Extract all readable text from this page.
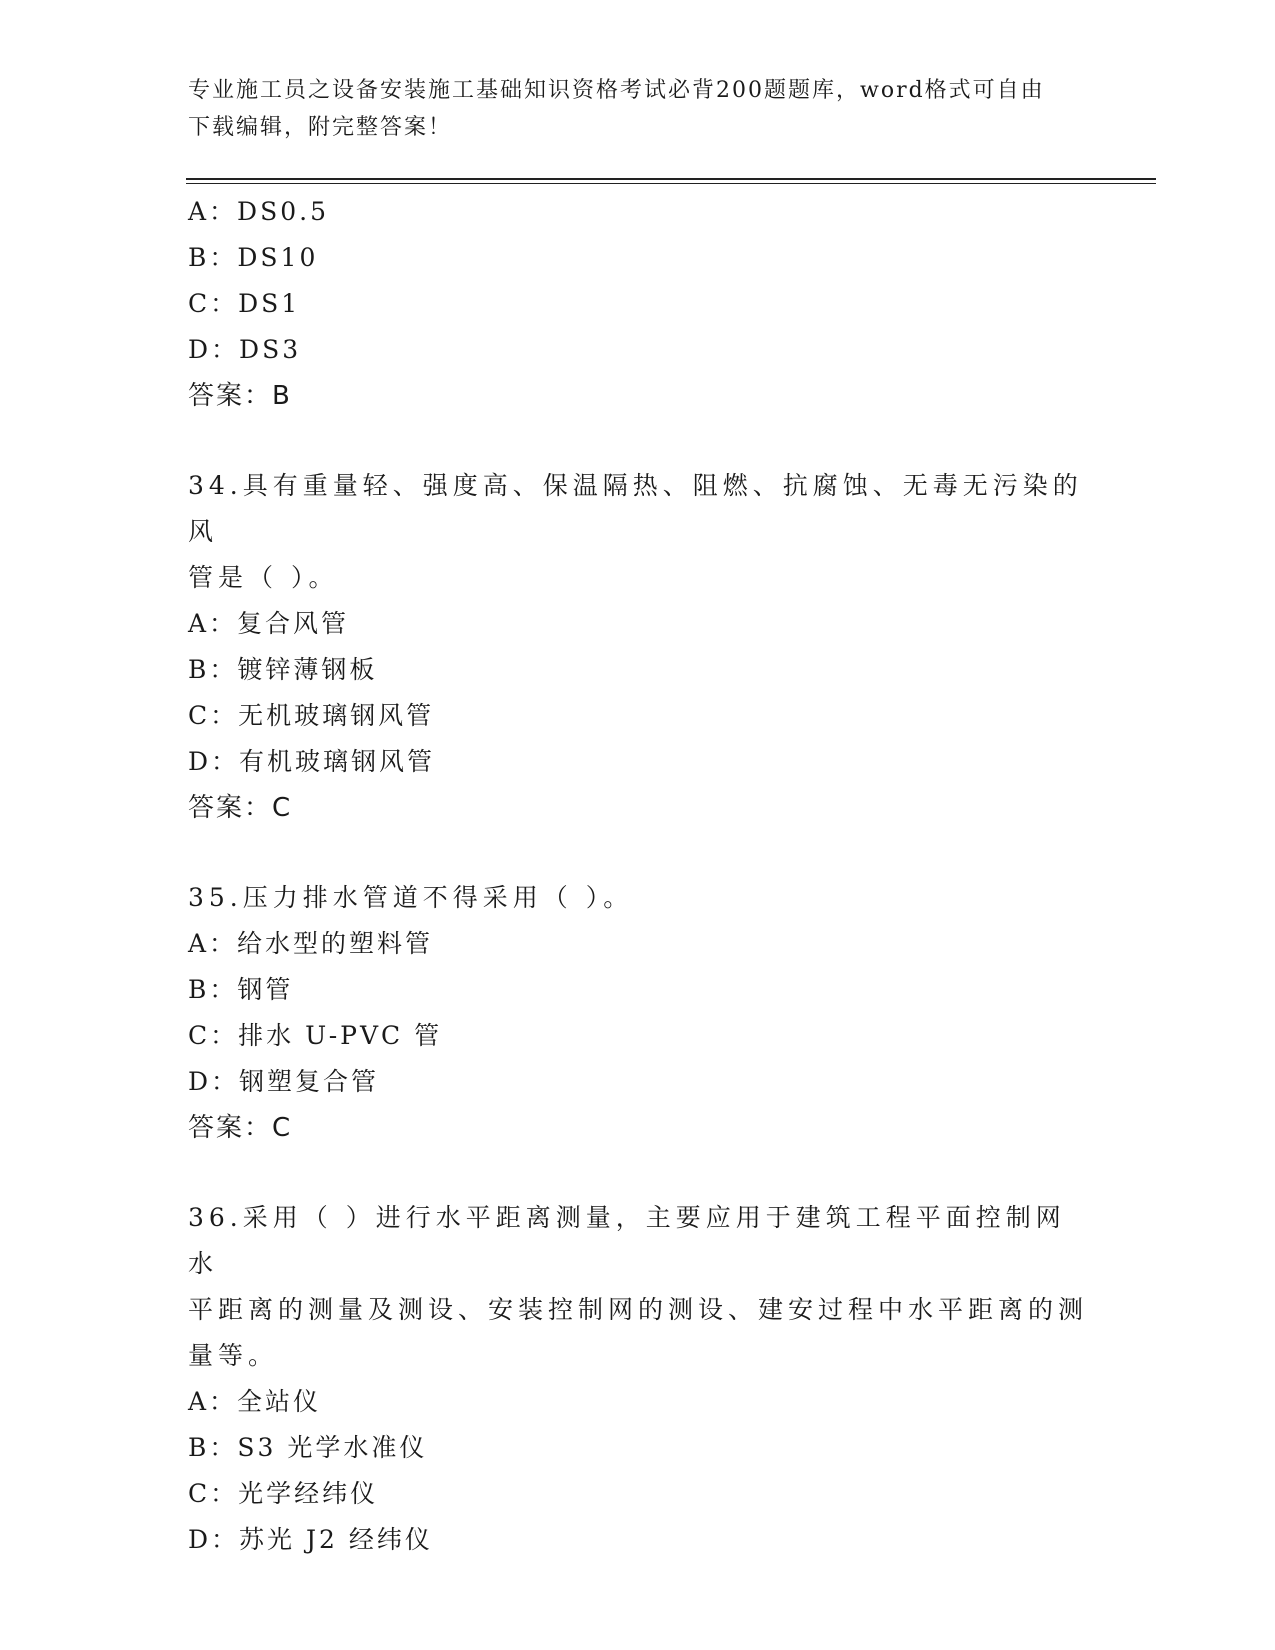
专业施工员之设备安装施工基础知识资格考试必背200题题库，word格式可自由
下载编辑，附完整答案！
A：DS0.5
B：DS10
C：DS1
D：DS3
答案：B
34.具有重量轻、强度高、保温隔热、阻燃、抗腐蚀、无毒无污染的风
管是（ ）。
A：复合风管
B：镀锌薄钢板
C：无机玻璃钢风管
D：有机玻璃钢风管
答案：C
35.压力排水管道不得采用（ ）。
A：给水型的塑料管
B：钢管
C：排水 U-PVC 管
D：钢塑复合管
答案：C
36.采用（ ）进行水平距离测量，主要应用于建筑工程平面控制网水
平距离的测量及测设、安装控制网的测设、建安过程中水平距离的测
量等。
A：全站仪
B：S3 光学水准仪
C：光学经纬仪
D：苏光 J2 经纬仪
